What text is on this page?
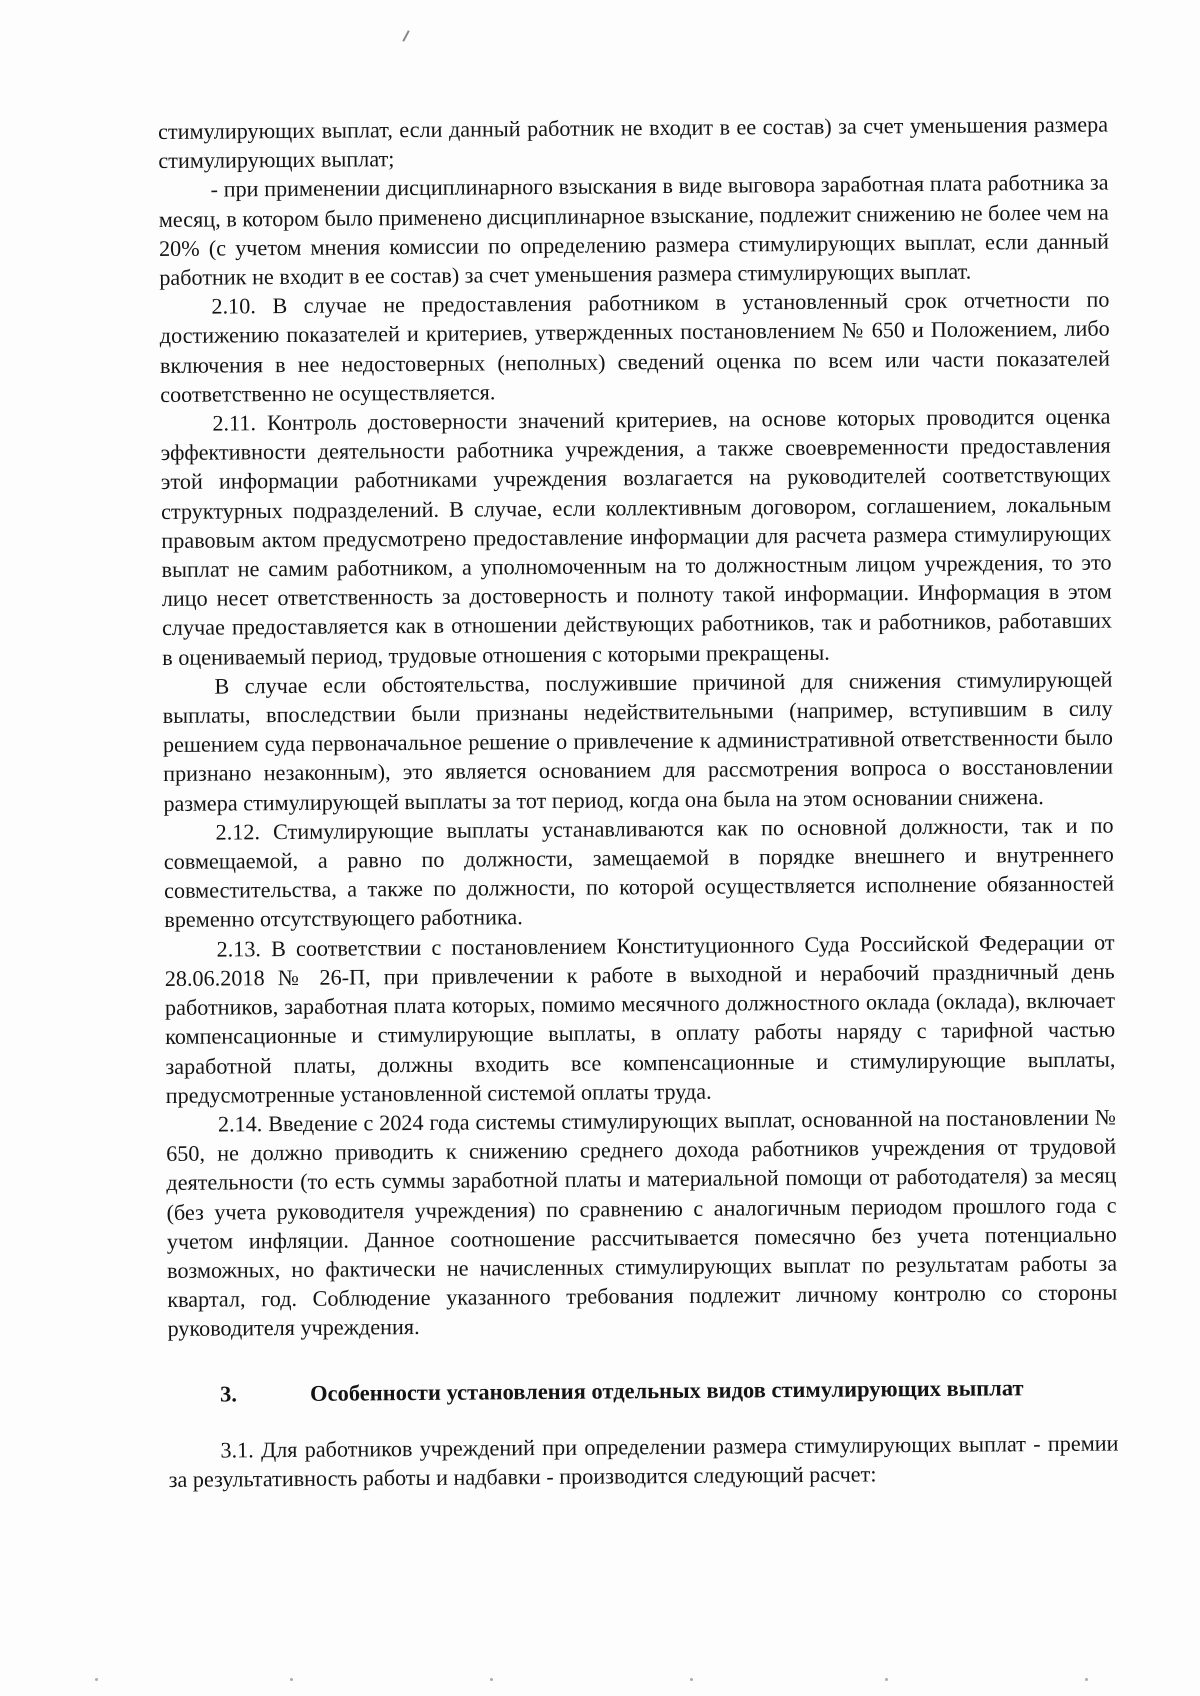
стимулирующих выплат, если данный работник не входит в ее состав) за счет уменьшения размера стимулирующих выплат;

- при применении дисциплинарного взыскания в виде выговора заработная плата работника за месяц, в котором было применено дисциплинарное взыскание, подлежит снижению не более чем на 20% (с учетом мнения комиссии по определению размера стимулирующих выплат, если данный работник не входит в ее состав) за счет уменьшения размера стимулирующих выплат.

2.10. В случае не предоставления работником в установленный срок отчетности по достижению показателей и критериев, утвержденных постановлением № 650 и Положением, либо включения в нее недостоверных (неполных) сведений оценка по всем или части показателей соответственно не осуществляется.

2.11. Контроль достоверности значений критериев, на основе которых проводится оценка эффективности деятельности работника учреждения, а также своевременности предоставления этой информации работниками учреждения возлагается на руководителей соответствующих структурных подразделений. В случае, если коллективным договором, соглашением, локальным правовым актом предусмотрено предоставление информации для расчета размера стимулирующих выплат не самим работником, а уполномоченным на то должностным лицом учреждения, то это лицо несет ответственность за достоверность и полноту такой информации. Информация в этом случае предоставляется как в отношении действующих работников, так и работников, работавших в оцениваемый период, трудовые отношения с которыми прекращены.

В случае если обстоятельства, послужившие причиной для снижения стимулирующей выплаты, впоследствии были признаны недействительными (например, вступившим в силу решением суда первоначальное решение о привлечение к административной ответственности было признано незаконным), это является основанием для рассмотрения вопроса о восстановлении размера стимулирующей выплаты за тот период, когда она была на этом основании снижена.

2.12. Стимулирующие выплаты устанавливаются как по основной должности, так и по совмещаемой, а равно по должности, замещаемой в порядке внешнего и внутреннего совместительства, а также по должности, по которой осуществляется исполнение обязанностей временно отсутствующего работника.

2.13. В соответствии с постановлением Конституционного Суда Российской Федерации от 28.06.2018 № 26-П, при привлечении к работе в выходной и нерабочий праздничный день работников, заработная плата которых, помимо месячного должностного оклада (оклада), включает компенсационные и стимулирующие выплаты, в оплату работы наряду с тарифной частью заработной платы, должны входить все компенсационные и стимулирующие выплаты, предусмотренные установленной системой оплаты труда.

2.14. Введение с 2024 года системы стимулирующих выплат, основанной на постановлении № 650, не должно приводить к снижению среднего дохода работников учреждения от трудовой деятельности (то есть суммы заработной платы и материальной помощи от работодателя) за месяц (без учета руководителя учреждения) по сравнению с аналогичным периодом прошлого года с учетом инфляции. Данное соотношение рассчитывается помесячно без учета потенциально возможных, но фактически не начисленных стимулирующих выплат по результатам работы за квартал, год. Соблюдение указанного требования подлежит личному контролю со стороны руководителя учреждения.

3.	Особенности установления отдельных видов стимулирующих выплат

3.1. Для работников учреждений при определении размера стимулирующих выплат - премии за результативность работы и надбавки - производится следующий расчет:
